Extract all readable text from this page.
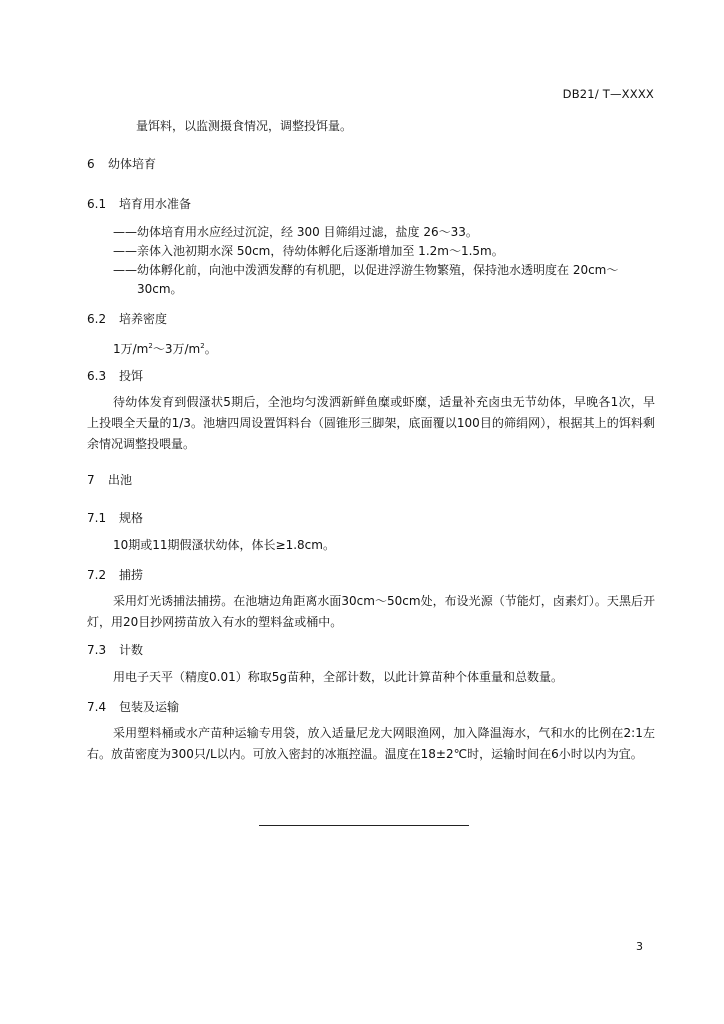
DB21/ T—XXXX
量饵料，以监测摄食情况，调整投饵量。
6 幼体培育
6.1 培育用水准备
——幼体培育用水应经过沉淀，经 300 目筛绢过滤，盐度 26～33。
——亲体入池初期水深 50cm，待幼体孵化后逐渐增加至 1.2m～1.5m。
——幼体孵化前，向池中泼洒发酵的有机肥，以促进浮游生物繁殖，保持池水透明度在 20cm～
30cm。
6.2 培养密度
1万$/m^2\sim 3$万$/m^2$。
6.3 投饵
待幼体发育到假溞状5期后，全池均匀泼洒新鲜鱼糜或虾糜，适量补充卤虫无节幼体，早晚各1次，早上投喂全天量的1/3。池塘四周设置饵料台（圆锥形三脚架，底面覆以100目的筛绢网），根据其上的饵料剩余情况调整投喂量。
7 出池
7.1 规格
10期或11期假溞状幼体，体长≥1.8cm。
7.2 捕捞
采用灯光诱捕法捕捞。在池塘边角距离水面30cm～50cm处，布设光源（节能灯，卤素灯）。天黑后开灯，用20目抄网捞苗放入有水的塑料盆或桶中。
7.3 计数
用电子天平（精度0.01）称取5g苗种，全部计数，以此计算苗种个体重量和总数量。
7.4 包装及运输
采用塑料桶或水产苗种运输专用袋，放入适量尼龙大网眼渔网，加入降温海水，气和水的比例在2:1左右。放苗密度为300只/L以内。可放入密封的冰瓶控温。温度在18±2℃时，运输时间在6小时以内为宜。
3
